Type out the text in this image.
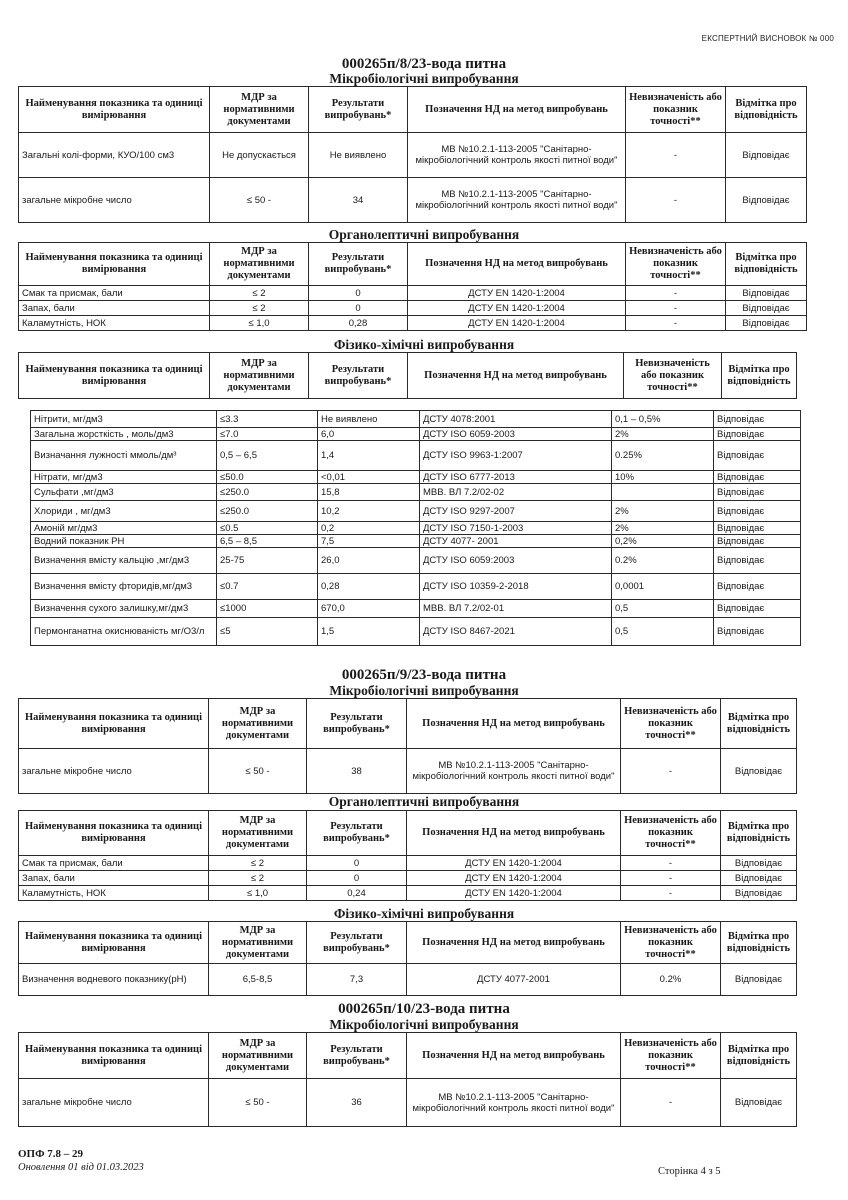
ЕКСПЕРТНИЙ ВИСНОВОК № 000
000265п/8/23-вода питна
Мікробіологічні випробування
Найменування показника та одиниці вимірювання	МДР за нормативними документами	Результати випробувань*	Позначення НД на метод випробувань	Невизначеність або показник точності**	Відмітка про відповідність
Загальні колі-форми, КУО/100 см3	Не допускається	Не виявлено	МВ №10.2.1-113-2005 "Санітарно-мікробіологічний контроль якості питної води"	-	Відповідає
загальне мікробне число	≤ 50 -	34	МВ №10.2.1-113-2005 "Санітарно-мікробіологічний контроль якості питної води"	-	Відповідає
Органолептичні випробування
Найменування показника та одиниці вимірювання	МДР за нормативними документами	Результати випробувань*	Позначення НД на метод випробувань	Невизначеність або показник точності**	Відмітка про відповідність
Смак та присмак, бали	≤ 2	0	ДСТУ EN 1420-1:2004	-	Відповідає
Запах, бали	≤ 2	0	ДСТУ EN 1420-1:2004	-	Відповідає
Каламутність, НОК	≤ 1,0	0,28	ДСТУ EN 1420-1:2004	-	Відповідає
Фізико-хімічні випробування
Найменування показника та одиниці вимірювання	МДР за нормативними документами	Результати випробувань*	Позначення НД на метод випробувань	Невизначеність або показник точності**	Відмітка про відповідність
Нітрити, мг/дм3	≤3.3	Не виявлено	ДСТУ 4078:2001	0,1 – 0,5%	Відповідає
Загальна жорсткість , моль/дм3	≤7.0	6,0	ДСТУ ISO 6059-2003	2%	Відповідає
Визначання лужності ммоль/дм³	0,5 – 6,5	1,4	ДСТУ ISO 9963-1:2007	0.25%	Відповідає
Нітрати, мг/дм3	≤50.0	<0,01	ДСТУ ISO 6777-2013	10%	Відповідає
Сульфати ,мг/дм3	≤250.0	15,8	МВВ. ВЛ 7.2/02-02		Відповідає
Хлориди , мг/дм3	≤250.0	10,2	ДСТУ ISO 9297-2007	2%	Відповідає
Амоній мг/дм3	≤0.5	0,2	ДСТУ ISO 7150-1-2003	2%	Відповідає
Водний показник РН	6,5 – 8,5	7,5	ДСТУ 4077- 2001	0,2%	Відповідає
Визначення вмісту кальцію ,мг/дм3	25-75	26,0	ДСТУ ISO 6059:2003	0.2%	Відповідає
Визначення вмісту фторидів,мг/дм3	≤0.7	0,28	ДСТУ ISO 10359-2-2018	0,0001	Відповідає
Визначення сухого залишку,мг/дм3	≤1000	670,0	МВВ. ВЛ 7.2/02-01	0,5	Відповідає
Пермонганатна окиснюваність мг/О3/л	≤5	1,5	ДСТУ ISO 8467-2021	0,5	Відповідає
000265п/9/23-вода питна
Мікробіологічні випробування
Найменування показника та одиниці вимірювання	МДР за нормативними документами	Результати випробувань*	Позначення НД на метод випробувань	Невизначеність або показник точності**	Відмітка про відповідність
загальне мікробне число	≤ 50 -	38	МВ №10.2.1-113-2005 "Санітарно-мікробіологічний контроль якості питної води"	-	Відповідає
Органолептичні випробування
Найменування показника та одиниці вимірювання	МДР за нормативними документами	Результати випробувань*	Позначення НД на метод випробувань	Невизначеність або показник точності**	Відмітка про відповідність
Смак та присмак, бали	≤ 2	0	ДСТУ EN 1420-1:2004	-	Відповідає
Запах, бали	≤ 2	0	ДСТУ EN 1420-1:2004	-	Відповідає
Каламутність, НОК	≤ 1,0	0,24	ДСТУ EN 1420-1:2004	-	Відповідає
Фізико-хімічні випробування
Найменування показника та одиниці вимірювання	МДР за нормативними документами	Результати випробувань*	Позначення НД на метод випробувань	Невизначеність або показник точності**	Відмітка про відповідність
Визначення водневого показнику(pH)	6,5-8,5	7,3	ДСТУ 4077-2001	0.2%	Відповідає
000265п/10/23-вода питна
Мікробіологічні випробування
Найменування показника та одиниці вимірювання	МДР за нормативними документами	Результати випробувань*	Позначення НД на метод випробувань	Невизначеність або показник точності**	Відмітка про відповідність
загальне мікробне число	≤ 50 -	36	МВ №10.2.1-113-2005 "Санітарно-мікробіологічний контроль якості питної води"	-	Відповідає
ОПФ 7.8 – 29
Оновлення 01 від 01.03.2023	Сторінка 4 з 5
